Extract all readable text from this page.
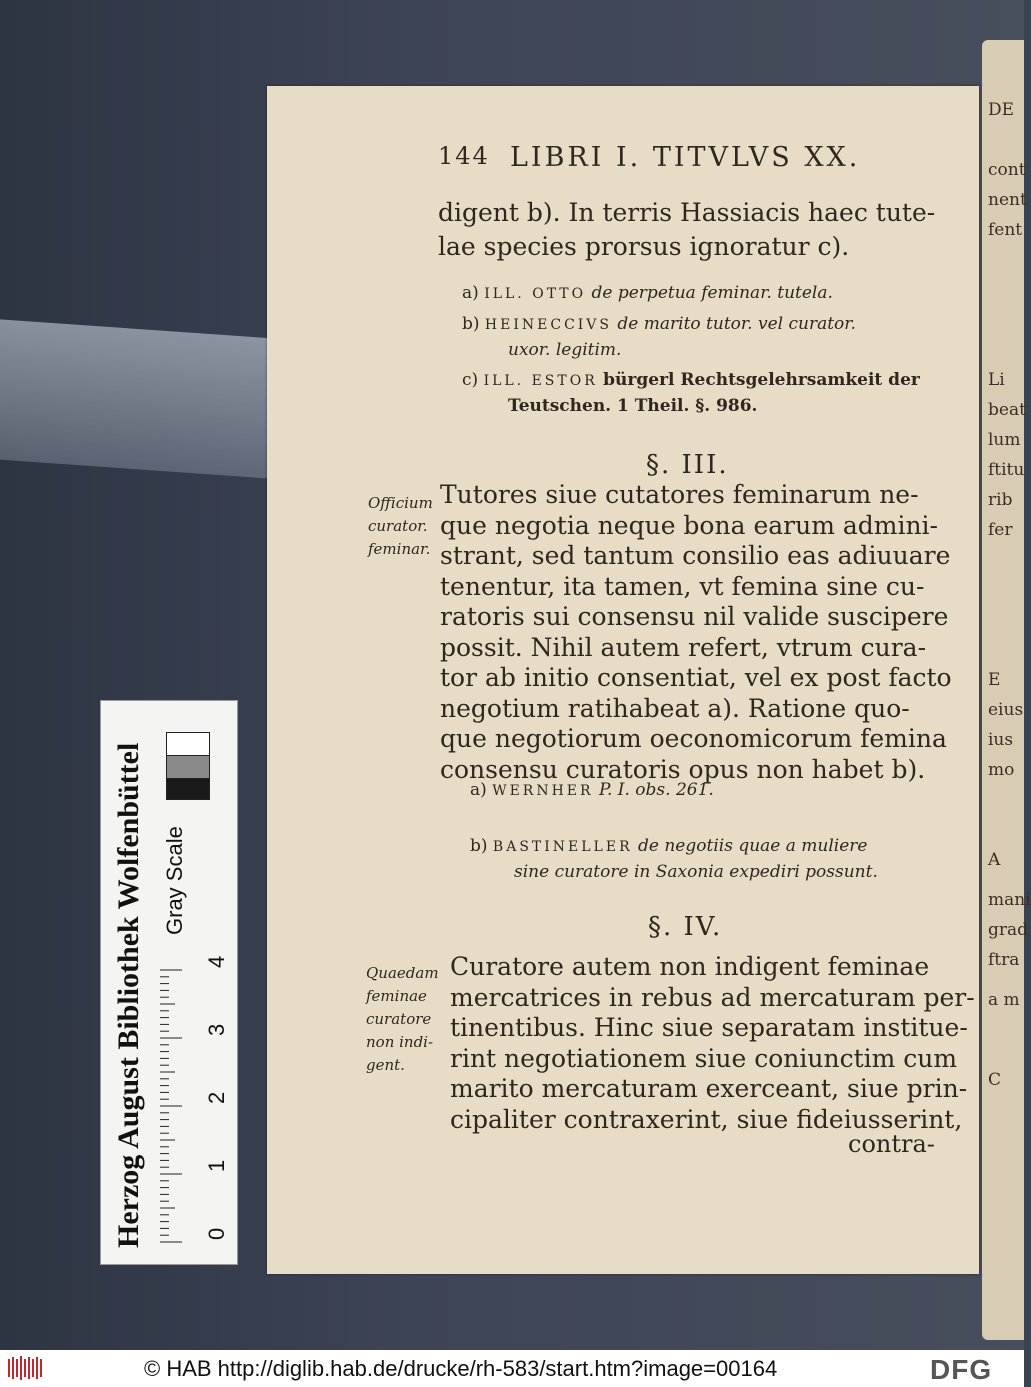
DE
cont
nent
fent
Li
beat
lum
ftitu
rib
fer
E
eius
ius
mo
A
mani
grad
ftra
a m
C
144 LIBRI I. TITVLVS XX.
digent b). In terris Hassiacis haec tute-
lae species prorsus ignoratur c).
a) ILL. OTTO de perpetua feminar. tutela.
b) HEINECCIVS de marito tutor. vel curator.
uxor. legitim.
c) ILL. ESTOR bürgerl Rechtsgelehrsamkeit der
Teutschen. 1 Theil. §. 986.
§. III.
Officium
curator.
feminar.
Tutores siue cutatores feminarum ne-
que negotia neque bona earum admini-
strant, sed tantum consilio eas adiuuare
tenentur, ita tamen, vt femina sine cu-
ratoris sui consensu nil valide suscipere
possit. Nihil autem refert, vtrum cura-
tor ab initio consentiat, vel ex post facto
negotium ratihabeat a). Ratione quo-
que negotiorum oeconomicorum femina
consensu curatoris opus non habet b).
a) WERNHER P. I. obs. 261.
b) BASTINELLER de negotiis quae a muliere
sine curatore in Saxonia expediri possunt.
§. IV.
Quaedam
feminae
curatore
non indi-
gent.
Curatore autem non indigent feminae
mercatrices in rebus ad mercaturam per-
tinentibus. Hinc siue separatam institue-
rint negotiationem siue coniunctim cum
marito mercaturam exerceant, siue prin-
cipaliter contraxerint, siue fideiusserint,
contra-
Herzog August Bibliothek Wolfenbüttel Gray Scale
0
1
2
3
4
© HAB http://diglib.hab.de/drucke/rh-583/start.htm?image=00164	DFG
